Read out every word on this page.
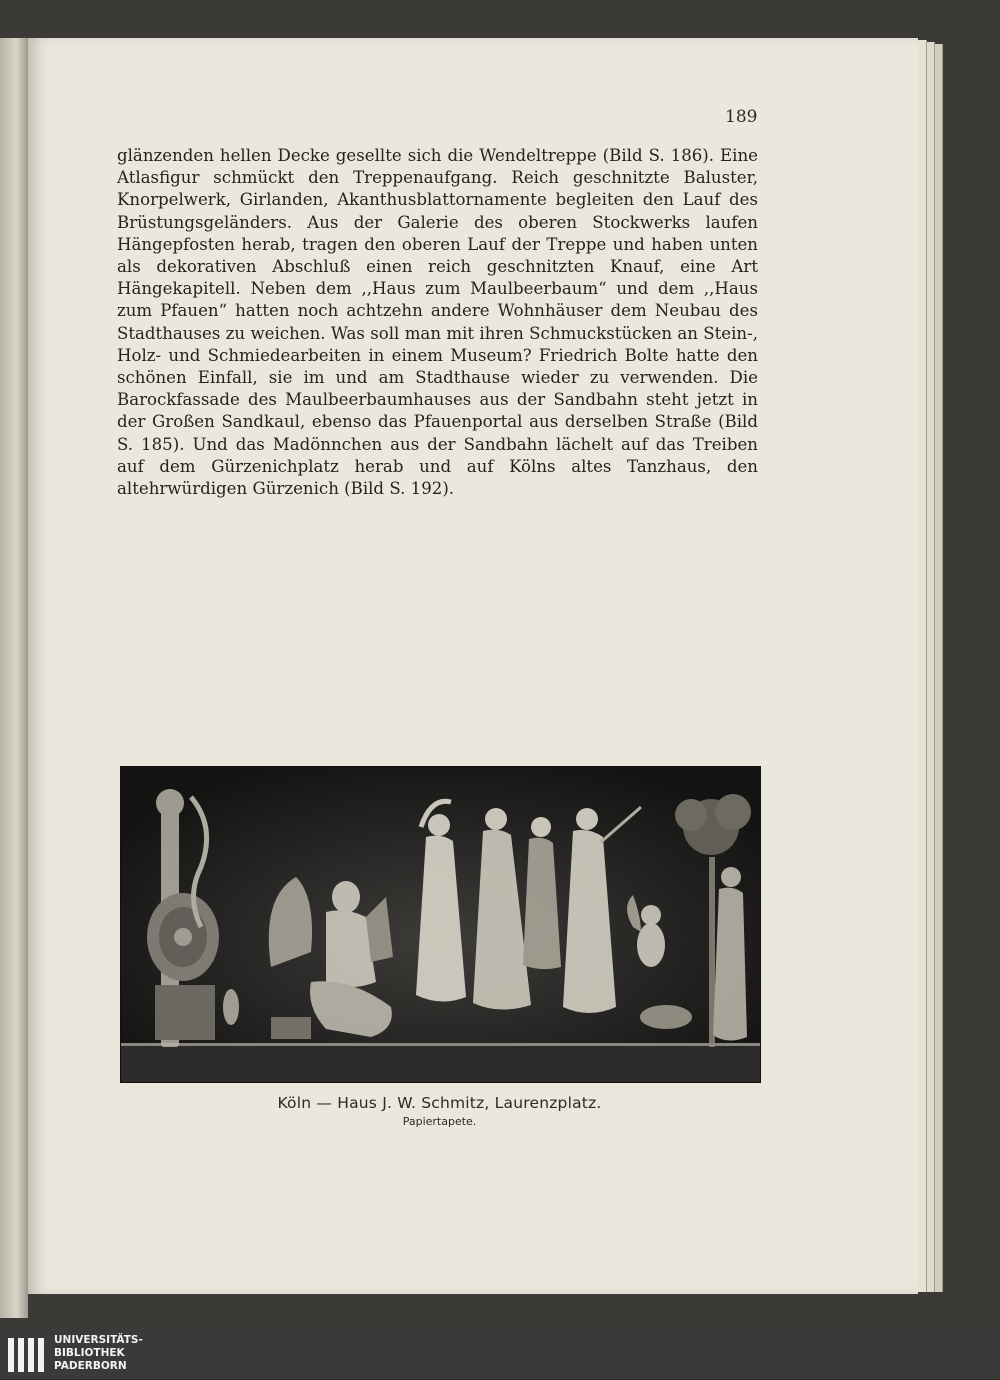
189

glänzenden hellen Decke gesellte sich die Wendeltreppe (Bild S. 186). Eine Atlasfigur schmückt den Treppenaufgang. Reich geschnitzte Baluster, Knorpelwerk, Girlanden, Akanthusblattornamente begleiten den Lauf des Brüstungsgeländers. Aus der Galerie des oberen Stockwerks laufen Hängepfosten herab, tragen den oberen Lauf der Treppe und haben unten als dekorativen Abschluß einen reich geschnitzten Knauf, eine Art Hängekapitell. Neben dem ,,Haus zum Maulbeerbaum“ und dem ,,Haus zum Pfauen“ hatten noch achtzehn andere Wohnhäuser dem Neubau des Stadthauses zu weichen. Was soll man mit ihren Schmuckstücken an Stein-, Holz- und Schmiedearbeiten in einem Museum? Friedrich Bolte hatte den schönen Einfall, sie im und am Stadthause wieder zu verwenden. Die Barockfassade des Maulbeerbaumhauses aus der Sandbahn steht jetzt in der Großen Sandkaul, ebenso das Pfauenportal aus derselben Straße (Bild S. 185). Und das Madönnchen aus der Sandbahn lächelt auf das Treiben auf dem Gürzenichplatz herab und auf Kölns altes Tanzhaus, den altehrwürdigen Gürzenich (Bild S. 192).

Köln — Haus J. W. Schmitz, Laurenzplatz.
Papiertapete.
UNIVERSITÄTS-
BIBLIOTHEK
PADERBORN
